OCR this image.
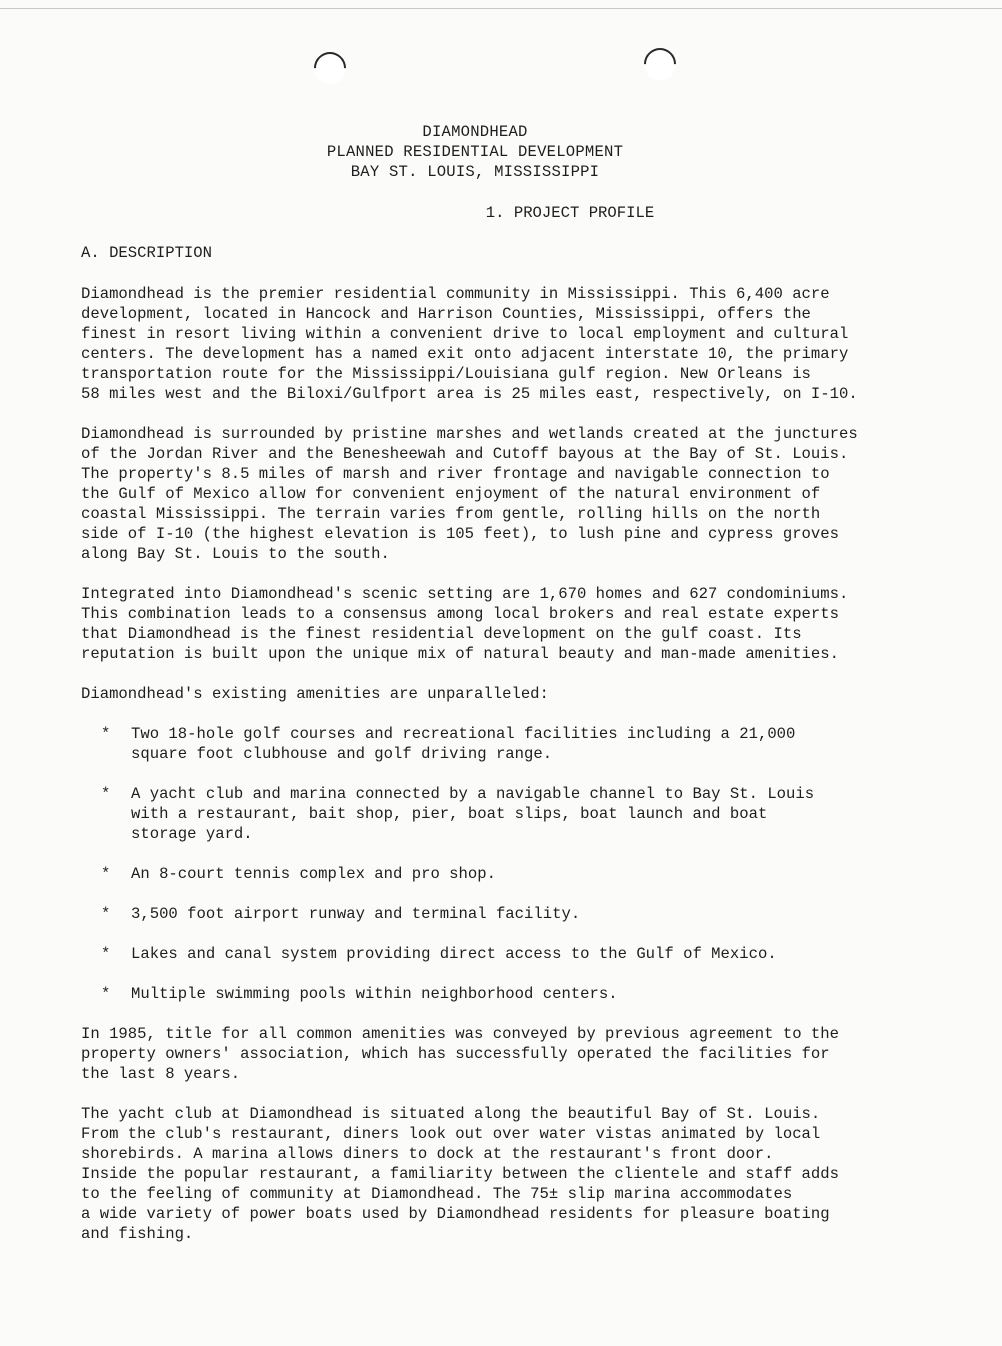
DIAMONDHEAD
PLANNED RESIDENTIAL DEVELOPMENT
BAY ST. LOUIS, MISSISSIPPI
1. PROJECT PROFILE
A. DESCRIPTION

Diamondhead is the premier residential community in Mississippi. This 6,400 acre
development, located in Hancock and Harrison Counties, Mississippi, offers the
finest in resort living within a convenient drive to local employment and cultural
centers. The development has a named exit onto adjacent interstate 10, the primary
transportation route for the Mississippi/Louisiana gulf region. New Orleans is
58 miles west and the Biloxi/Gulfport area is 25 miles east, respectively, on I-10.

Diamondhead is surrounded by pristine marshes and wetlands created at the junctures
of the Jordan River and the Benesheewah and Cutoff bayous at the Bay of St. Louis.
The property's 8.5 miles of marsh and river frontage and navigable connection to
the Gulf of Mexico allow for convenient enjoyment of the natural environment of
coastal Mississippi. The terrain varies from gentle, rolling hills on the north
side of I-10 (the highest elevation is 105 feet), to lush pine and cypress groves
along Bay St. Louis to the south.

Integrated into Diamondhead's scenic setting are 1,670 homes and 627 condominiums.
This combination leads to a consensus among local brokers and real estate experts
that Diamondhead is the finest residential development on the gulf coast. Its
reputation is built upon the unique mix of natural beauty and man-made amenities.

Diamondhead's existing amenities are unparalleled:

* Two 18-hole golf courses and recreational facilities including a 21,000
square foot clubhouse and golf driving range.
* A yacht club and marina connected by a navigable channel to Bay St. Louis
with a restaurant, bait shop, pier, boat slips, boat launch and boat
storage yard.
* An 8-court tennis complex and pro shop.
* 3,500 foot airport runway and terminal facility.
* Lakes and canal system providing direct access to the Gulf of Mexico.
* Multiple swimming pools within neighborhood centers.

In 1985, title for all common amenities was conveyed by previous agreement to the
property owners' association, which has successfully operated the facilities for
the last 8 years.

The yacht club at Diamondhead is situated along the beautiful Bay of St. Louis.
From the club's restaurant, diners look out over water vistas animated by local
shorebirds. A marina allows diners to dock at the restaurant's front door.
Inside the popular restaurant, a familiarity between the clientele and staff adds
to the feeling of community at Diamondhead. The 75± slip marina accommodates
a wide variety of power boats used by Diamondhead residents for pleasure boating
and fishing.
